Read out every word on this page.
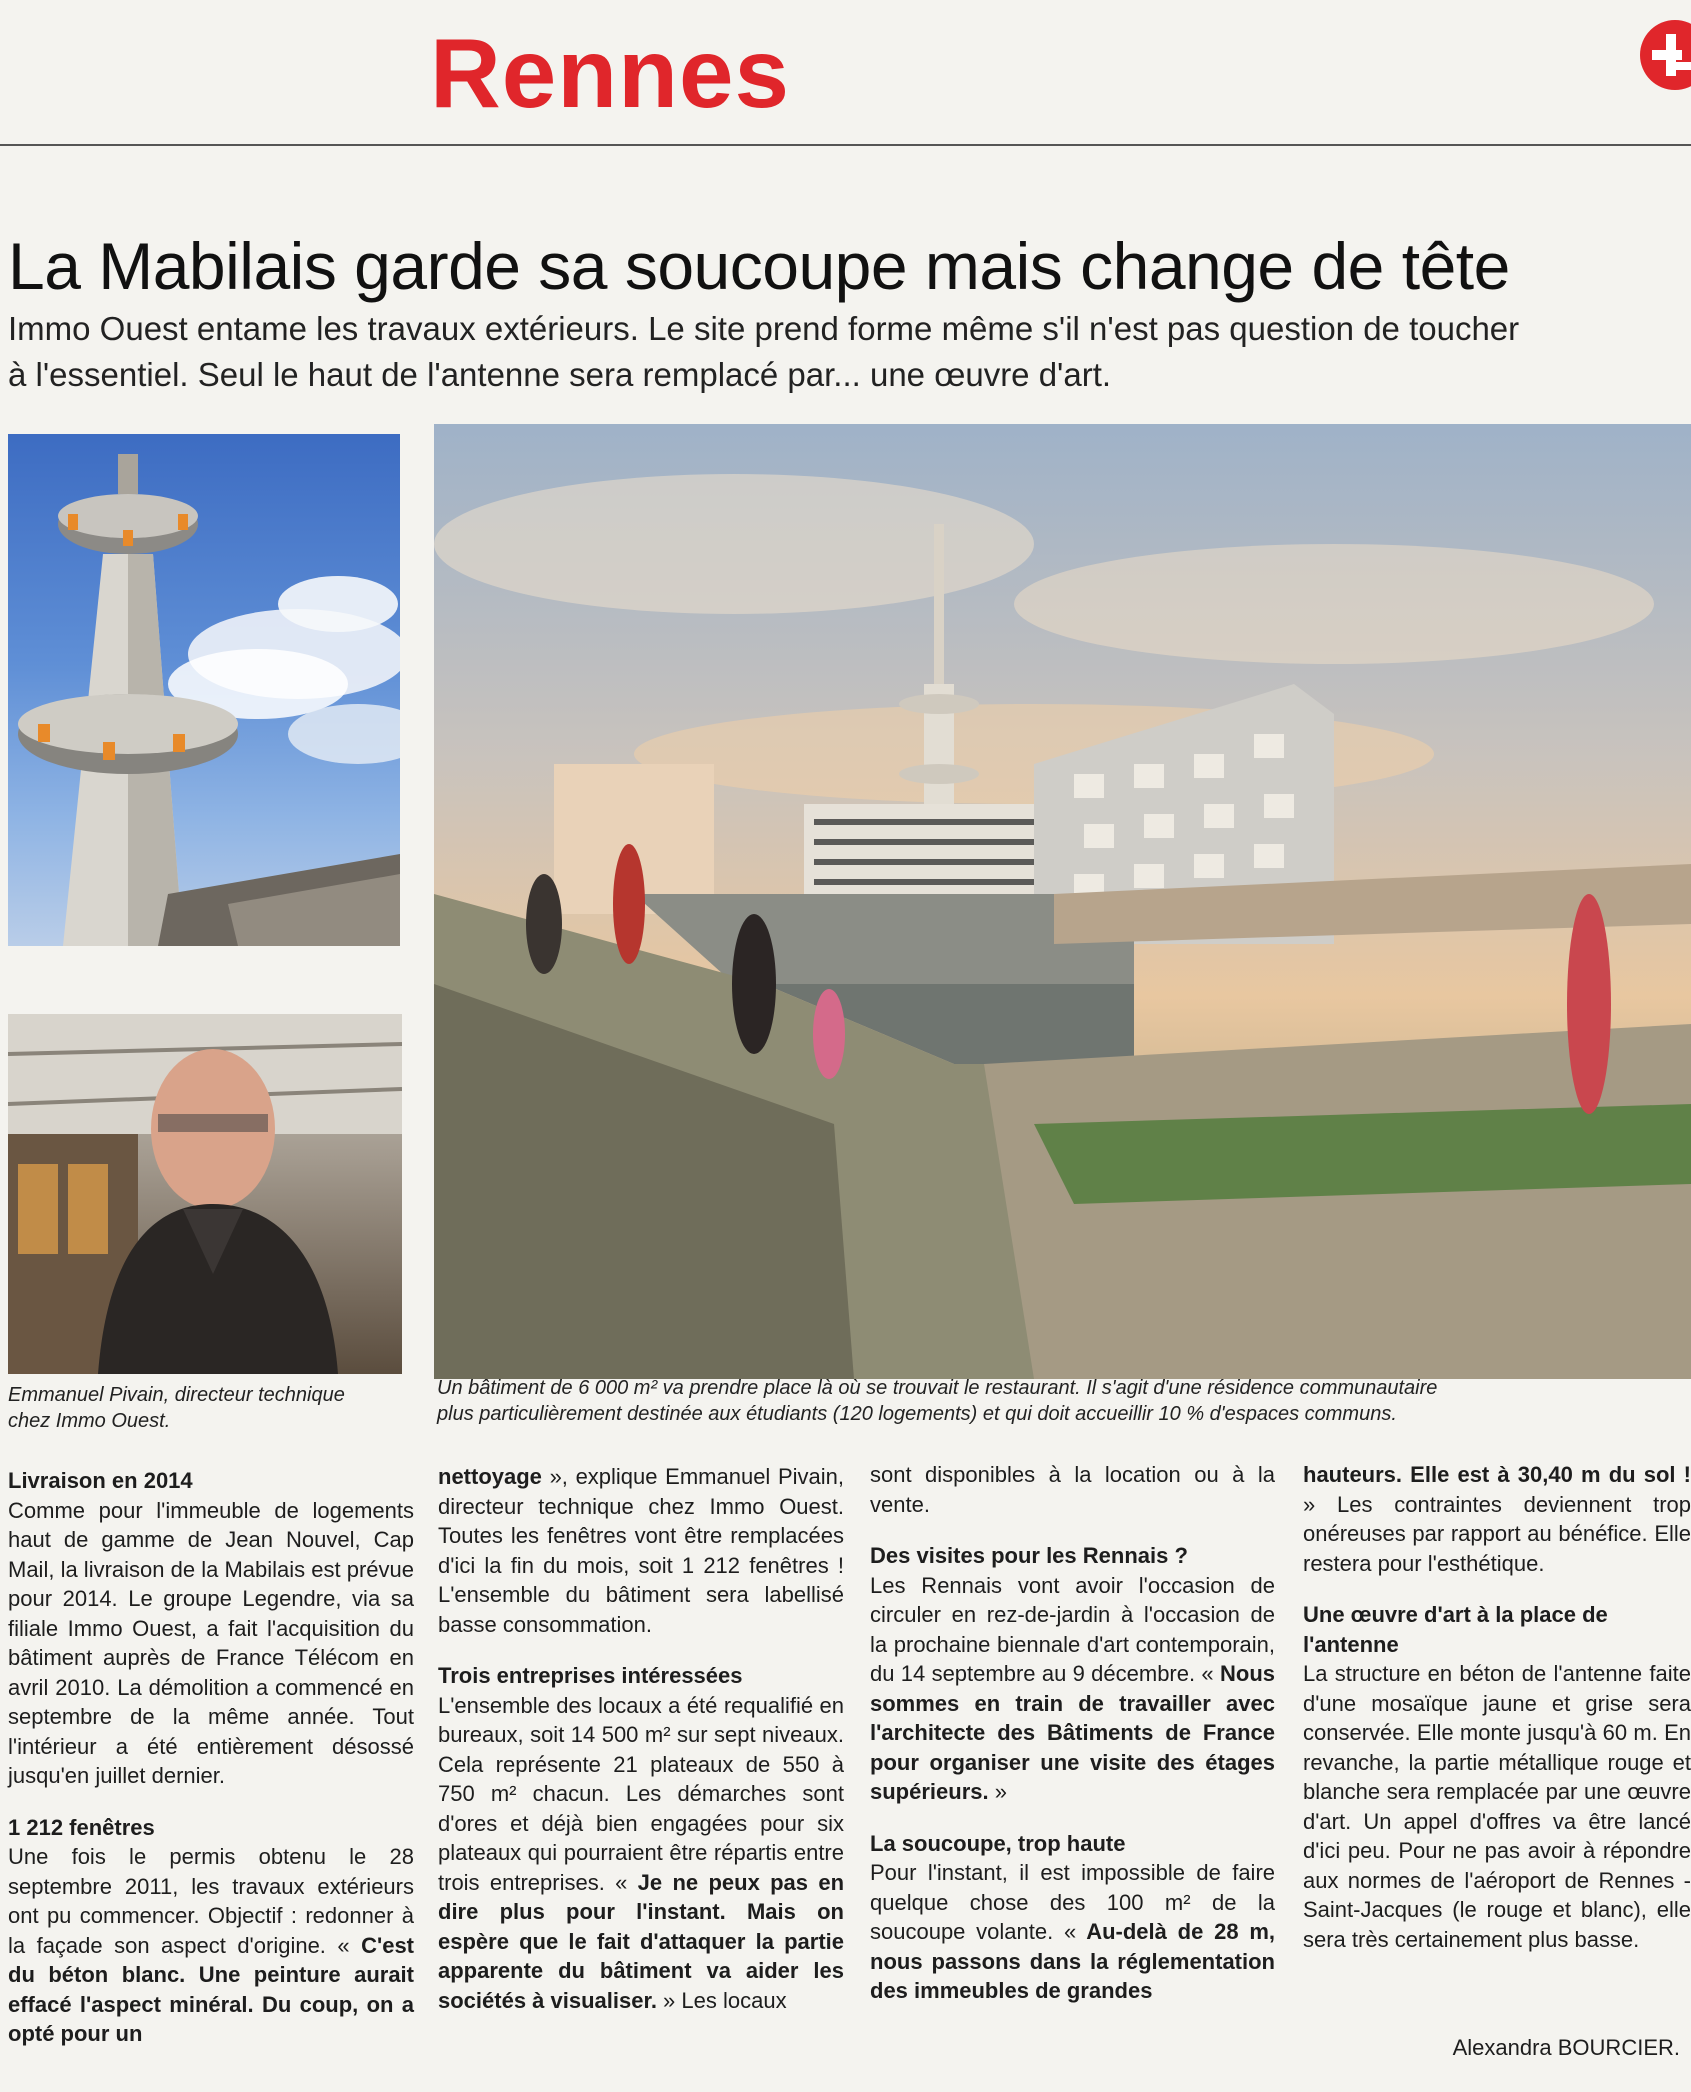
Rennes
La Mabilais garde sa soucoupe mais change de tête
Immo Ouest entame les travaux extérieurs. Le site prend forme même s'il n'est pas question de toucher
à l'essentiel. Seul le haut de l'antenne sera remplacé par... une œuvre d'art.
Emmanuel Pivain, directeur technique
chez Immo Ouest.
Un bâtiment de 6 000 m² va prendre place là où se trouvait le restaurant. Il s'agit d'une résidence communautaire
plus particulièrement destinée aux étudiants (120 logements) et qui doit accueillir 10 % d'espaces communs.

Livraison en 2014

Comme pour l'immeuble de logements haut de gamme de Jean Nouvel, Cap Mail, la livraison de la Mabilais est prévue pour 2014. Le groupe Legendre, via sa filiale Immo Ouest, a fait l'acquisition du bâtiment auprès de France Télécom en avril 2010. La démolition a commencé en septembre de la même année. Tout l'intérieur a été entièrement désossé jusqu'en juillet dernier.

1 212 fenêtres

Une fois le permis obtenu le 28 septembre 2011, les travaux extérieurs ont pu commencer. Objectif : redonner à la façade son aspect d'origine. « C'est du béton blanc. Une peinture aurait effacé l'aspect minéral. Du coup, on a opté pour un

nettoyage », explique Emmanuel Pivain, directeur technique chez Immo Ouest. Toutes les fenêtres vont être remplacées d'ici la fin du mois, soit 1 212 fenêtres ! L'ensemble du bâtiment sera labellisé basse consommation.

Trois entreprises intéressées

L'ensemble des locaux a été requalifié en bureaux, soit 14 500 m² sur sept niveaux. Cela représente 21 plateaux de 550 à 750 m² chacun. Les démarches sont d'ores et déjà bien engagées pour six plateaux qui pourraient être répartis entre trois entreprises. « Je ne peux pas en dire plus pour l'instant. Mais on espère que le fait d'attaquer la partie apparente du bâtiment va aider les sociétés à visualiser. » Les locaux

sont disponibles à la location ou à la vente.

Des visites pour les Rennais ?

Les Rennais vont avoir l'occasion de circuler en rez-de-jardin à l'occasion de la prochaine biennale d'art contemporain, du 14 septembre au 9 décembre. « Nous sommes en train de travailler avec l'architecte des Bâtiments de France pour organiser une visite des étages supérieurs. »

La soucoupe, trop haute

Pour l'instant, il est impossible de faire quelque chose des 100 m² de la soucoupe volante. « Au-delà de 28 m, nous passons dans la réglementation des immeubles de grandes

hauteurs. Elle est à 30,40 m du sol ! » Les contraintes deviennent trop onéreuses par rapport au bénéfice. Elle restera pour l'esthétique.

Une œuvre d'art à la place de l'antenne

La structure en béton de l'antenne faite d'une mosaïque jaune et grise sera conservée. Elle monte jusqu'à 60 m. En revanche, la partie métallique rouge et blanche sera remplacée par une œuvre d'art. Un appel d'offres va être lancé d'ici peu. Pour ne pas avoir à répondre aux normes de l'aéroport de Rennes - Saint-Jacques (le rouge et blanc), elle sera très certainement plus basse.

Alexandra BOURCIER.
